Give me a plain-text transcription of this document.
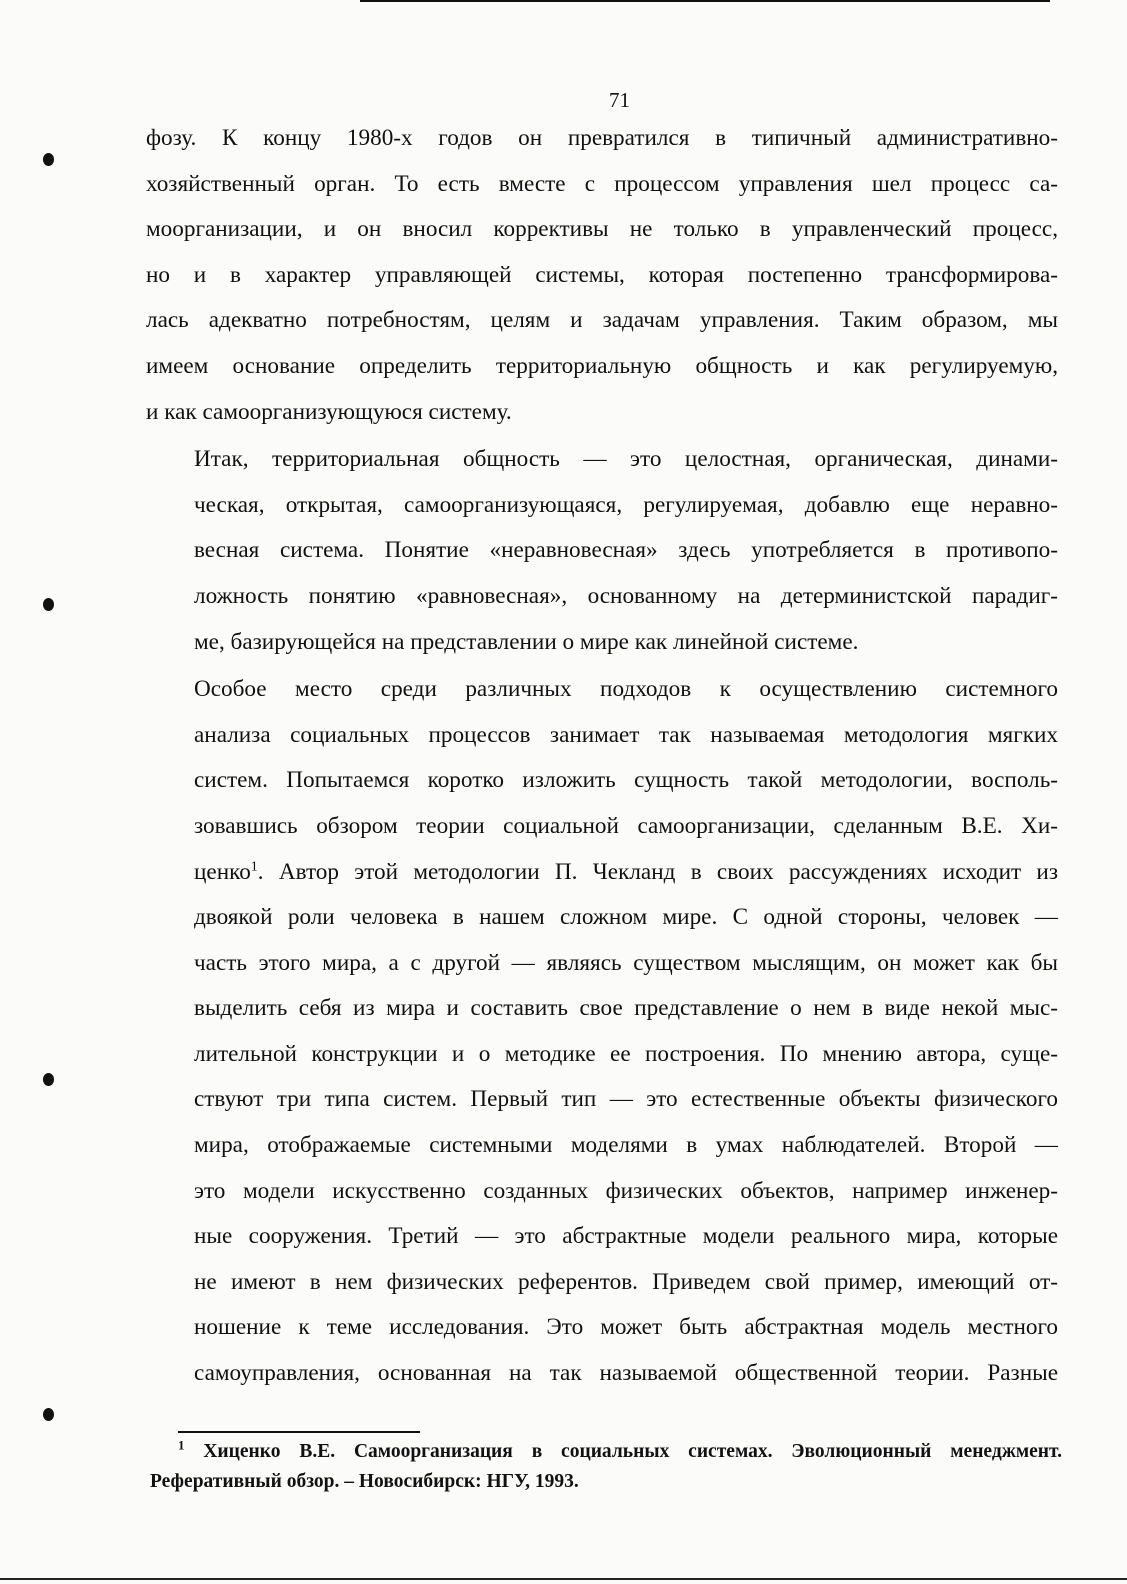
71

фозу. К концу 1980-х годов он превратился в типичный административно-
хозяйственный орган. То есть вместе с процессом управления шел процесс са-
моорганизации, и он вносил коррективы не только в управленческий процесс,
но и в характер управляющей системы, которая постепенно трансформирова-
лась адекватно потребностям, целям и задачам управления. Таким образом, мы
имеем основание определить территориальную общность и как регулируемую,
и как самоорганизующуюся систему.

Итак, территориальная общность — это целостная, органическая, динами-
ческая, открытая, самоорганизующаяся, регулируемая, добавлю еще неравно-
весная система. Понятие «неравновесная» здесь употребляется в противопо-
ложность понятию «равновесная», основанному на детерминистской парадиг-
ме, базирующейся на представлении о мире как линейной системе.

Особое место среди различных подходов к осуществлению системного
анализа социальных процессов занимает так называемая методология мягких
систем. Попытаемся коротко изложить сущность такой методологии, восполь-
зовавшись обзором теории социальной самоорганизации, сделанным В.Е. Хи-
ценко$^1$. Автор этой методологии П. Чекланд в своих рассуждениях исходит из
двоякой роли человека в нашем сложном мире. С одной стороны, человек —
часть этого мира, а с другой — являясь существом мыслящим, он может как бы
выделить себя из мира и составить свое представление о нем в виде некой мыс-
лительной конструкции и о методике ее построения. По мнению автора, суще-
ствуют три типа систем. Первый тип — это естественные объекты физического
мира, отображаемые системными моделями в умах наблюдателей. Второй —
это модели искусственно созданных физических объектов, например инженер-
ные сооружения. Третий — это абстрактные модели реального мира, которые
не имеют в нем физических референтов. Приведем свой пример, имеющий от-
ношение к теме исследования. Это может быть абстрактная модель местного
самоуправления, основанная на так называемой общественной теории. Разные

$^1$ Хиценко В.Е. Самоорганизация в социальных системах. Эволюционный менеджмент.
Реферативный обзор. – Новосибирск: НГУ, 1993.
